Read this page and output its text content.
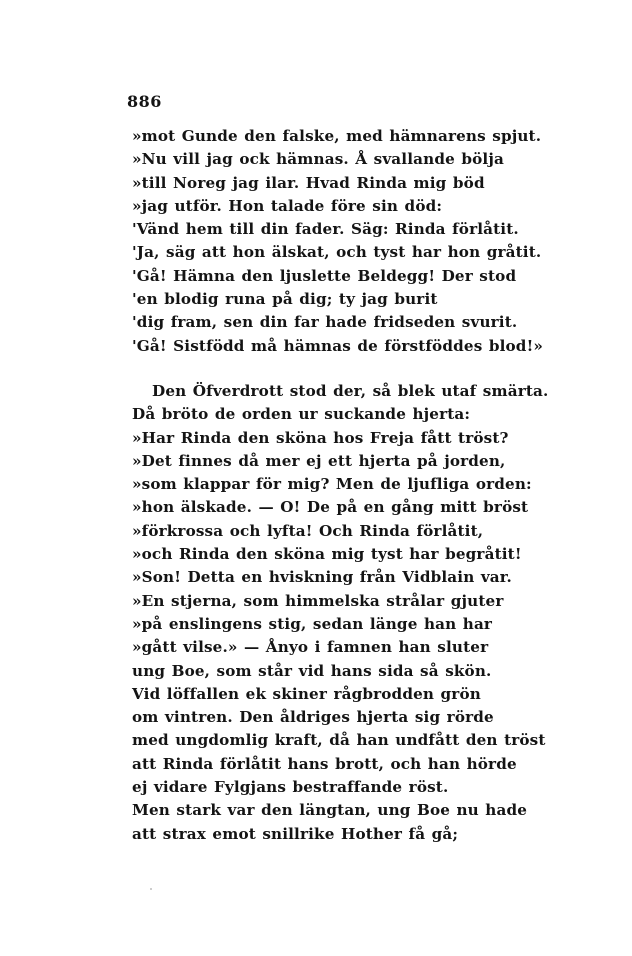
886
»mot Gunde den falske, med hämnarens spjut.
»Nu vill jag ock hämnas. Å svallande bölja
»till Noreg jag ilar. Hvad Rinda mig böd
»jag utför. Hon talade före sin död:
'Vänd hem till din fader. Säg: Rinda förlåtit.
'Ja, säg att hon älskat, och tyst har hon gråtit.
'Gå! Hämna den ljuslette Beldegg! Der stod
'en blodig runa på dig; ty jag burit
'dig fram, sen din far hade fridseden svurit.
'Gå! Sistfödd må hämnas de förstföddes blod!»
Den Öfverdrott stod der, så blek utaf smärta.
Då bröto de orden ur suckande hjerta:
»Har Rinda den sköna hos Freja fått tröst?
»Det finnes då mer ej ett hjerta på jorden,
»som klappar för mig? Men de ljufliga orden:
»hon älskade. — O! De på en gång mitt bröst
»förkrossa och lyfta! Och Rinda förlåtit,
»och Rinda den sköna mig tyst har begråtit!
»Son! Detta en hviskning från Vidblain var.
»En stjerna, som himmelska strålar gjuter
»på enslingens stig, sedan länge han har
»gått vilse.» — Ånyo i famnen han sluter
ung Boe, som står vid hans sida så skön.
Vid löffallen ek skiner rågbrodden grön
om vintren. Den åldriges hjerta sig rörde
med ungdomlig kraft, då han undfått den tröst
att Rinda förlåtit hans brott, och han hörde
ej vidare Fylgjans bestraffande röst.
Men stark var den längtan, ung Boe nu hade
att strax emot snillrike Hother få gå;
